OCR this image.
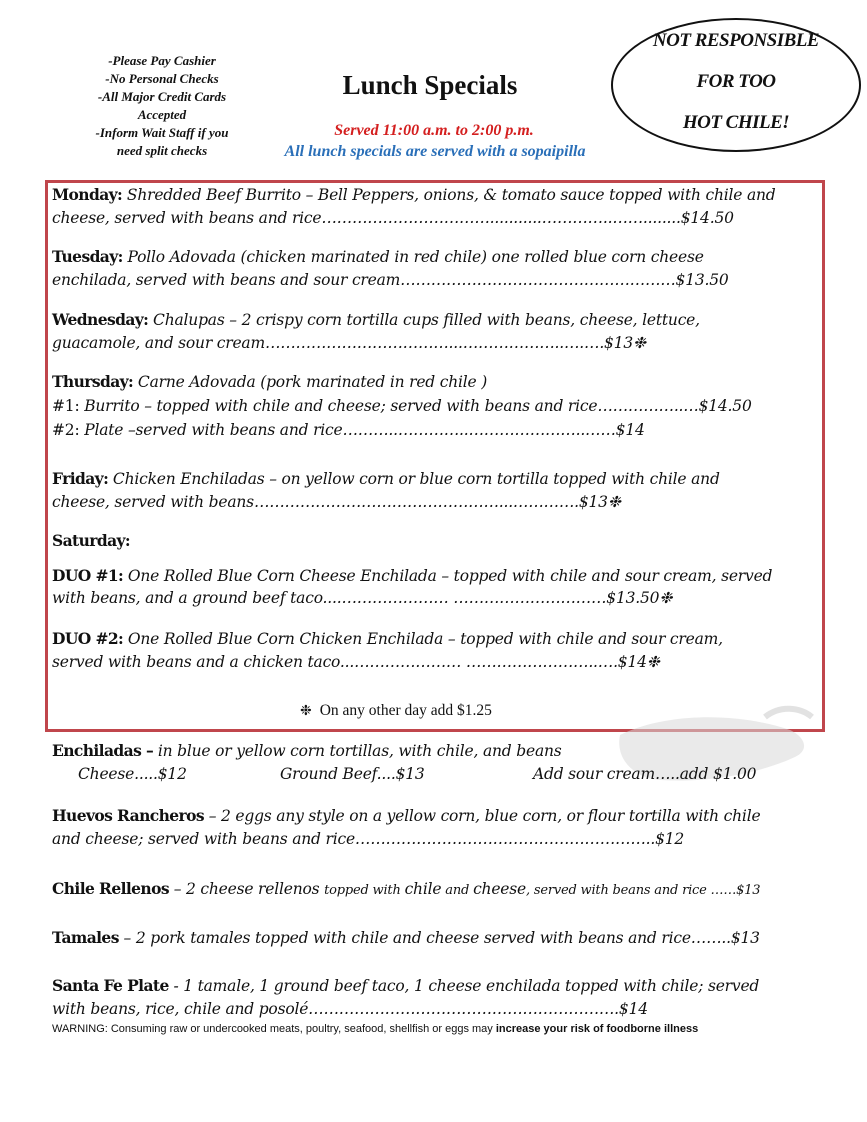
-Please Pay Cashier
-No Personal Checks
-All Major Credit Cards
Accepted
-Inform Wait Staff if you
need split checks
Lunch Specials
Served 11:00 a.m. to 2:00 p.m.
All lunch specials are served with a sopaipilla
NOT RESPONSIBLE
FOR TOO
HOT CHILE!
Monday: Shredded Beef Burrito – Bell Peppers, onions, & tomato sauce topped with chile and
cheese, served with beans and rice……………………………...........…………..……........$14.50
Tuesday: Pollo Adovada (chicken marinated in red chile) one rolled blue corn cheese
enchilada, served with beans and sour cream………………………………………………$13.50
Wednesday: Chalupas – 2 crispy corn tortilla cups filled with beans, cheese, lettuce,
guacamole, and sour cream………………………………...………………..….….$13❉
Thursday: Carne Adovada (pork marinated in red chile )
#1: Burrito – topped with chile and cheese; served with beans and rice……………..…$14.50
#2: Plate –served with beans and rice………..…………..…………………..……$14
Friday: Chicken Enchiladas – on yellow corn or blue corn tortilla topped with chile and
cheese, served with beans…………………………………………...………….$13❉
Saturday:
DUO #1: One Rolled Blue Corn Cheese Enchilada – topped with chile and sour cream, served
with beans, and a ground beef taco....………………… …………………………$13.50❉
DUO #2: One Rolled Blue Corn Chicken Enchilada – topped with chile and sour cream,
served with beans and a chicken taco...………………… ……………………..….$14❉
❉ On any other day add $1.25
Enchiladas – in blue or yellow corn tortillas, with chile, and beans
Cheese.....$12	Ground Beef....$13	Add sour cream…..add $1.00
Huevos Rancheros – 2 eggs any style on a yellow corn, blue corn, or flour tortilla with chile
and cheese; served with beans and rice…………………………………………………..$12
Chile Rellenos – 2 cheese rellenos topped with chile and cheese, served with beans and rice ……$13
Tamales – 2 pork tamales topped with chile and cheese served with beans and rice……..$13
Santa Fe Plate - 1 tamale, 1 ground beef taco, 1 cheese enchilada topped with chile; served
with beans, rice, chile and posolé…………………………………………………….$14
WARNING: Consuming raw or undercooked meats, poultry, seafood, shellfish or eggs may increase your risk of foodborne illness
